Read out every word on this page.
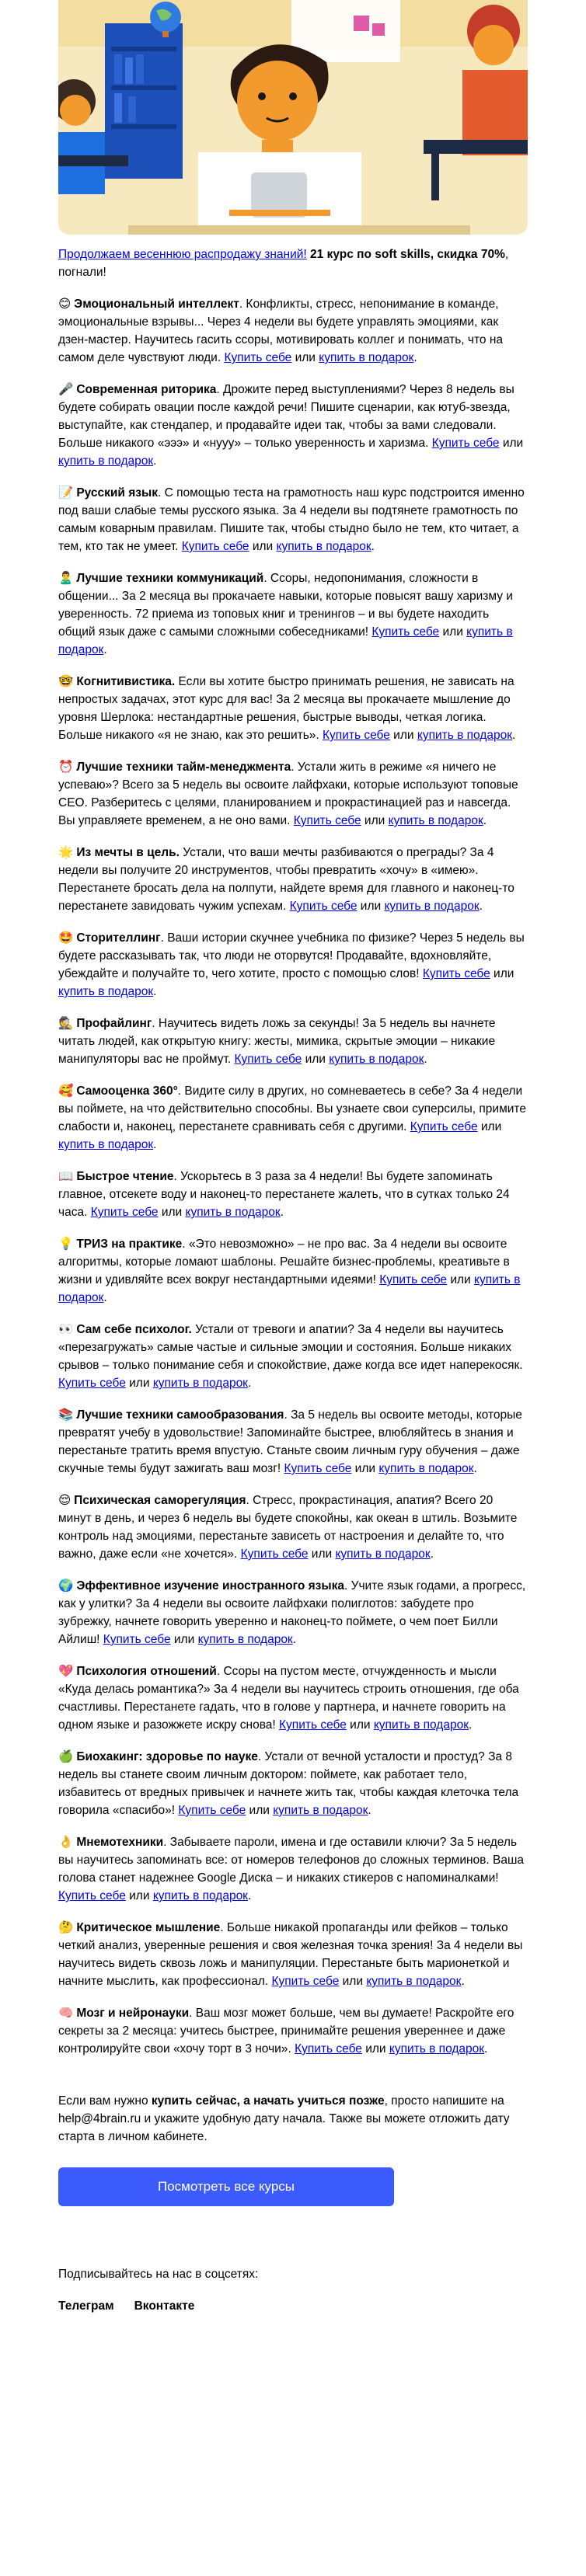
Продолжаем весеннюю распродажу знаний! 21 курс по soft skills, скидка 70%, погнали!
😊 Эмоциональный интеллект. Конфликты, стресс, непонимание в команде, эмоциональные взрывы... Через 4 недели вы будете управлять эмоциями, как дзен-мастер. Научитесь гасить ссоры, мотивировать коллег и понимать, что на самом деле чувствуют люди. Купить себе или купить в подарок.
🎤 Современная риторика. Дрожите перед выступлениями? Через 8 недель вы будете собирать овации после каждой речи! Пишите сценарии, как ютуб-звезда, выступайте, как стендапер, и продавайте идеи так, чтобы за вами следовали. Больше никакого «эээ» и «нууу» – только уверенность и харизма. Купить себе или купить в подарок.
📝 Русский язык. С помощью теста на грамотность наш курс подстроится именно под ваши слабые темы русского языка. За 4 недели вы подтянете грамотность по самым коварным правилам. Пишите так, чтобы стыдно было не тем, кто читает, а тем, кто так не умеет. Купить себе или купить в подарок.
🙎‍♂️ Лучшие техники коммуникаций. Ссоры, недопонимания, сложности в общении... За 2 месяца вы прокачаете навыки, которые повысят вашу харизму и уверенность. 72 приема из топовых книг и тренингов – и вы будете находить общий язык даже с самыми сложными собеседниками! Купить себе или купить в подарок.
🤓 Когнитивистика. Если вы хотите быстро принимать решения, не зависать на непростых задачах, этот курс для вас! За 2 месяца вы прокачаете мышление до уровня Шерлока: нестандартные решения, быстрые выводы, четкая логика. Больше никакого «я не знаю, как это решить». Купить себе или купить в подарок.
⏰ Лучшие техники тайм-менеджмента. Устали жить в режиме «я ничего не успеваю»? Всего за 5 недель вы освоите лайфхаки, которые используют топовые CEO. Разберитесь с целями, планированием и прокрастинацией раз и навсегда. Вы управляете временем, а не оно вами. Купить себе или купить в подарок.
🌟 Из мечты в цель. Устали, что ваши мечты разбиваются о преграды? За 4 недели вы получите 20 инструментов, чтобы превратить «хочу» в «имею». Перестанете бросать дела на полпути, найдете время для главного и наконец-то перестанете завидовать чужим успехам. Купить себе или купить в подарок.
🤩 Сторителлинг. Ваши истории скучнее учебника по физике? Через 5 недель вы будете рассказывать так, что люди не оторвутся! Продавайте, вдохновляйте, убеждайте и получайте то, чего хотите, просто с помощью слов! Купить себе или купить в подарок.
🕵️ Профайлинг. Научитесь видеть ложь за секунды! За 5 недель вы начнете читать людей, как открытую книгу: жесты, мимика, скрытые эмоции – никакие манипуляторы вас не проймут. Купить себе или купить в подарок.
🥰 Самооценка 360°. Видите силу в других, но сомневаетесь в себе? За 4 недели вы поймете, на что действительно способны. Вы узнаете свои суперсилы, примите слабости и, наконец, перестанете сравнивать себя с другими. Купить себе или купить в подарок.
📖 Быстрое чтение. Ускорьтесь в 3 раза за 4 недели! Вы будете запоминать главное, отсекете воду и наконец-то перестанете жалеть, что в сутках только 24 часа. Купить себе или купить в подарок.
💡 ТРИЗ на практике. «Это невозможно» – не про вас. За 4 недели вы освоите алгоритмы, которые ломают шаблоны. Решайте бизнес-проблемы, креативьте в жизни и удивляйте всех вокруг нестандартными идеями! Купить себе или купить в подарок.
👀 Сам себе психолог. Устали от тревоги и апатии? За 4 недели вы научитесь «перезагружать» самые частые и сильные эмоции и состояния. Больше никаких срывов – только понимание себя и спокойствие, даже когда все идет наперекосяк. Купить себе или купить в подарок.
📚 Лучшие техники самообразования. За 5 недель вы освоите методы, которые превратят учебу в удовольствие! Запоминайте быстрее, влюбляйтесь в знания и перестаньте тратить время впустую. Станьте своим личным гуру обучения – даже скучные темы будут зажигать ваш мозг! Купить себе или купить в подарок.
😌 Психическая саморегуляция. Стресс, прокрастинация, апатия? Всего 20 минут в день, и через 6 недель вы будете спокойны, как океан в штиль. Возьмите контроль над эмоциями, перестаньте зависеть от настроения и делайте то, что важно, даже если «не хочется». Купить себе или купить в подарок.
🌍 Эффективное изучение иностранного языка. Учите язык годами, а прогресс, как у улитки? За 4 недели вы освоите лайфхаки полиглотов: забудете про зубрежку, начнете говорить уверенно и наконец-то поймете, о чем поет Билли Айлиш! Купить себе или купить в подарок.
💖 Психология отношений. Ссоры на пустом месте, отчужденность и мысли «Куда делась романтика?» За 4 недели вы научитесь строить отношения, где оба счастливы. Перестанете гадать, что в голове у партнера, и начнете говорить на одном языке и разожжете искру снова! Купить себе или купить в подарок.
🍏 Биохакинг: здоровье по науке. Устали от вечной усталости и простуд? За 8 недель вы станете своим личным доктором: поймете, как работает тело, избавитесь от вредных привычек и начнете жить так, чтобы каждая клеточка тела говорила «спасибо»! Купить себе или купить в подарок.
👌 Мнемотехники. Забываете пароли, имена и где оставили ключи? За 5 недель вы научитесь запоминать все: от номеров телефонов до сложных терминов. Ваша голова станет надежнее Google Диска – и никаких стикеров с напоминалками! Купить себе или купить в подарок.
🤔 Критическое мышление. Больше никакой пропаганды или фейков – только четкий анализ, уверенные решения и своя железная точка зрения! За 4 недели вы научитесь видеть сквозь ложь и манипуляции. Перестаньте быть марионеткой и начните мыслить, как профессионал. Купить себе или купить в подарок.
🧠 Мозг и нейронауки. Ваш мозг может больше, чем вы думаете! Раскройте его секреты за 2 месяца: учитесь быстрее, принимайте решения увереннее и даже контролируйте свои «хочу торт в 3 ночи». Купить себе или купить в подарок.
Если вам нужно купить сейчас, а начать учиться позже, просто напишите на help@4brain.ru и укажите удобную дату начала. Также вы можете отложить дату старта в личном кабинете.
Посмотреть все курсы
Подписывайтесь на нас в соцсетях:
Телеграм Вконтакте
